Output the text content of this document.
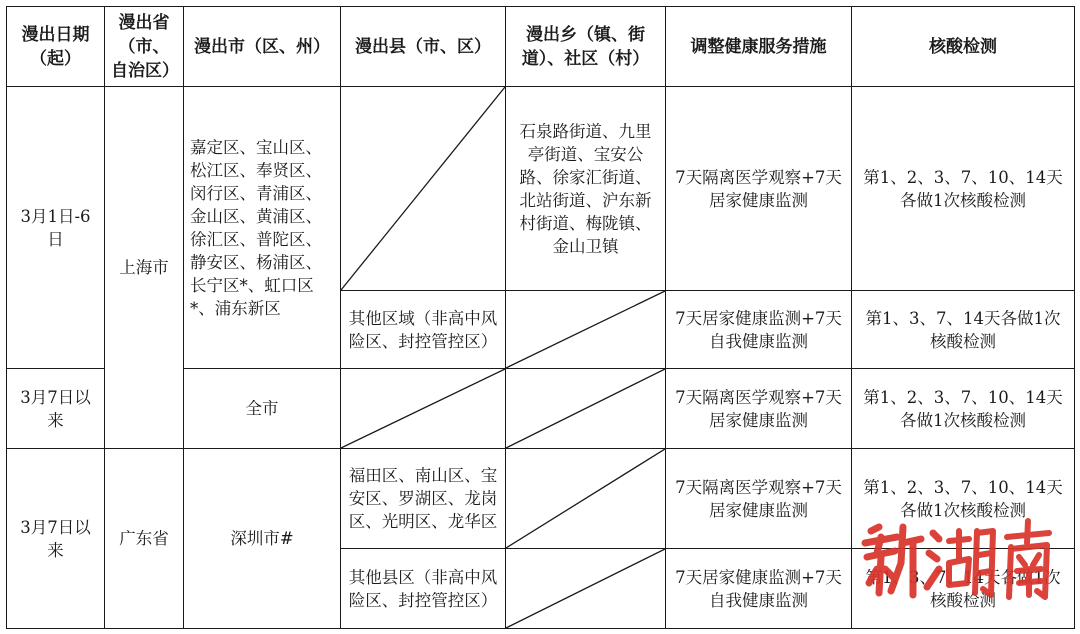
漫出日期（起）	漫出省（市、自治区）	漫出市（区、州）	漫出县（市、区）	漫出乡（镇、街道）、社区（村）	调整健康服务措施	核酸检测
3月1日-6日	上海市	嘉定区、宝山区、松江区、奉贤区、闵行区、青浦区、金山区、黄浦区、徐汇区、普陀区、静安区、杨浦区、长宁区*、虹口区*、浦东新区		石泉路街道、九里亭街道、宝安公路、徐家汇街道、北站街道、沪东新村街道、梅陇镇、金山卫镇	7天隔离医学观察+7天居家健康监测	第1、2、3、7、10、14天各做1次核酸检测
			其他区域（非高中风险区、封控管控区）		7天居家健康监测+7天自我健康监测	第1、3、7、14天各做1次核酸检测
3月7日以来		全市			7天隔离医学观察+7天居家健康监测	第1、2、3、7、10、14天各做1次核酸检测
3月7日以来	广东省	深圳市#	福田区、南山区、宝安区、罗湖区、龙岗区、光明区、龙华区		7天隔离医学观察+7天居家健康监测	第1、2、3、7、10、14天各做1次核酸检测
			其他县区（非高中风险区、封控管控区）		7天居家健康监测+7天自我健康监测	第1、3、7、14天各做1次核酸检测
